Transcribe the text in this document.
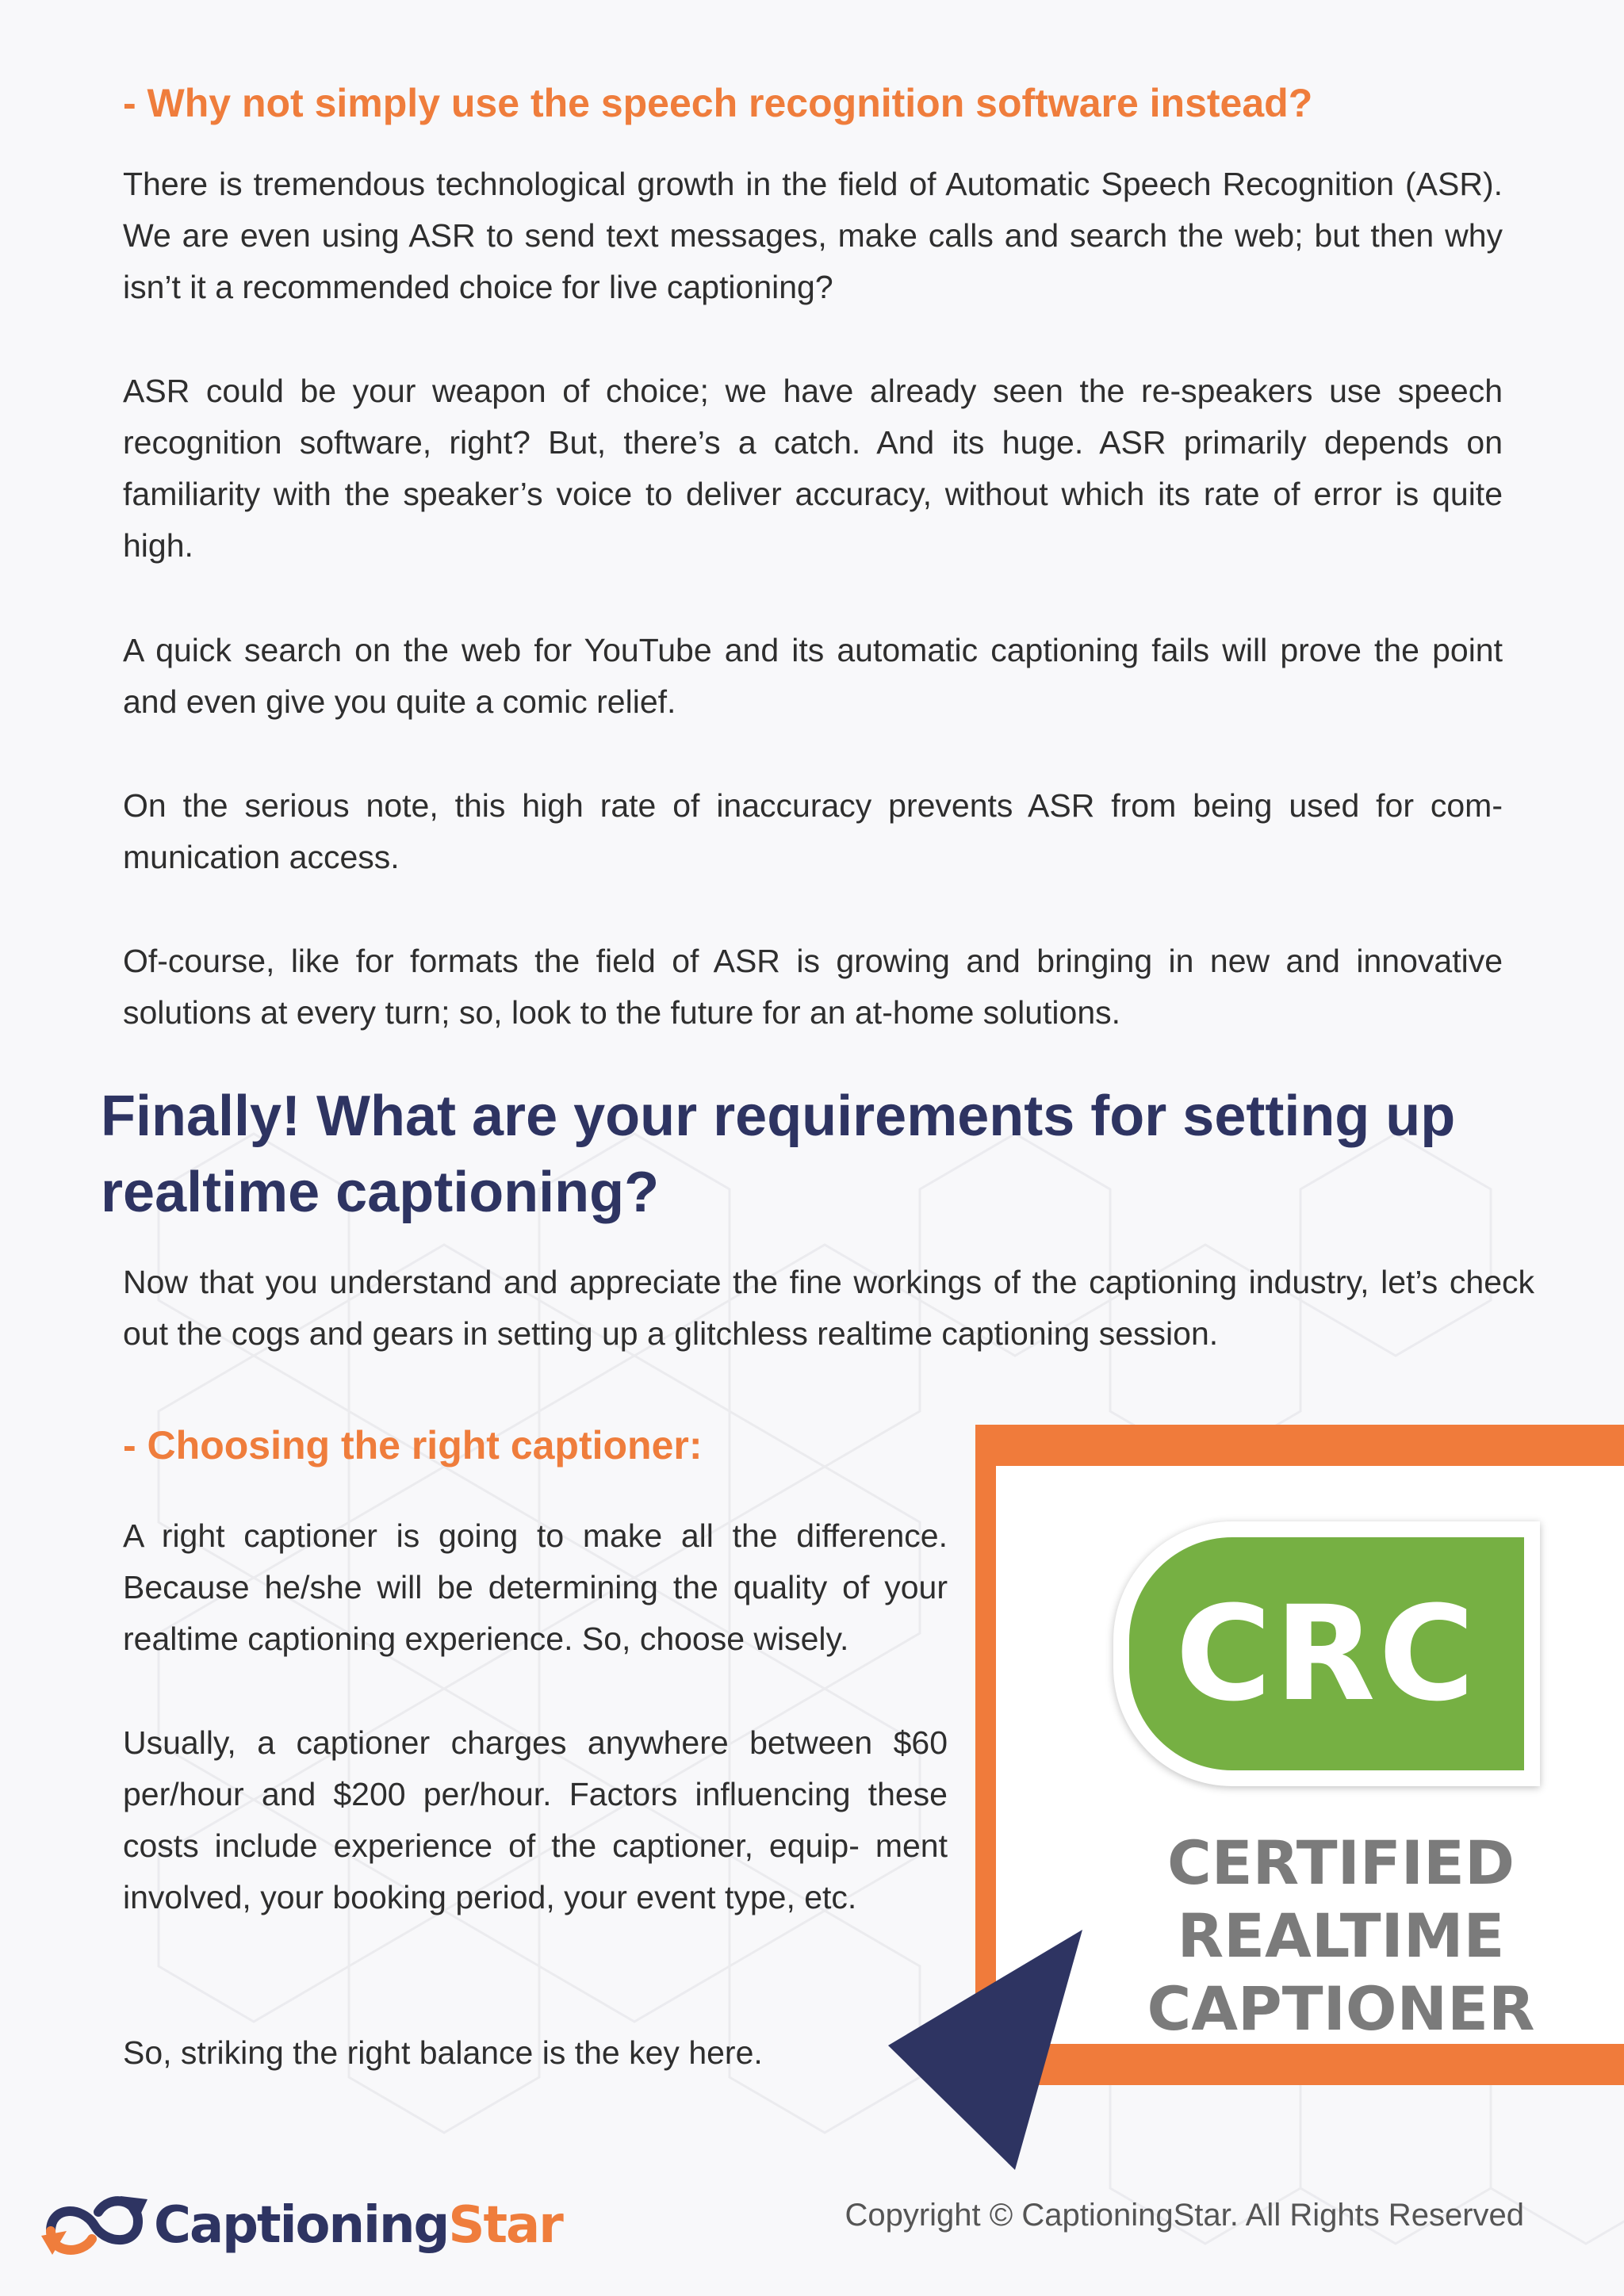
- Why not simply use the speech recognition software instead?

There is tremendous technological growth in the field of Automatic Speech Recognition (ASR). We are even using ASR to send text messages, make calls and search the web; but then why isn’t it a recommended choice for live captioning?

ASR could be your weapon of choice; we have already seen the re-speakers use speech recognition software, right? But, there’s a catch. And its huge. ASR primarily depends on familiarity with the speaker’s voice to deliver accuracy, without which its rate of error is quite high.

A quick search on the web for YouTube and its automatic captioning fails will prove the point and even give you quite a comic relief.

On the serious note, this high rate of inaccuracy prevents ASR from being used for com- munication access.

Of-course, like for formats the field of ASR is growing and bringing in new and innovative solutions at every turn; so, look to the future for an at-home solutions.

Finally! What are your requirements for setting up realtime captioning?

Now that you understand and appreciate the fine workings of the captioning industry, let’s check out the cogs and gears in setting up a glitchless realtime captioning session.

- Choosing the right captioner:

A right captioner is going to make all the difference. Because he/she will be determining the quality of your realtime captioning experience. So, choose wisely.

Usually, a captioner charges anywhere between $60 per/hour and $200 per/hour. Factors influencing these costs include experience of the captioner, equip- ment involved, your booking period, your event type, etc.

So, striking the right balance is the key here.

CRC
CERTIFIED
REALTIME
CAPTIONER
CaptioningStar	Copyright © CaptioningStar. All Rights Reserved
